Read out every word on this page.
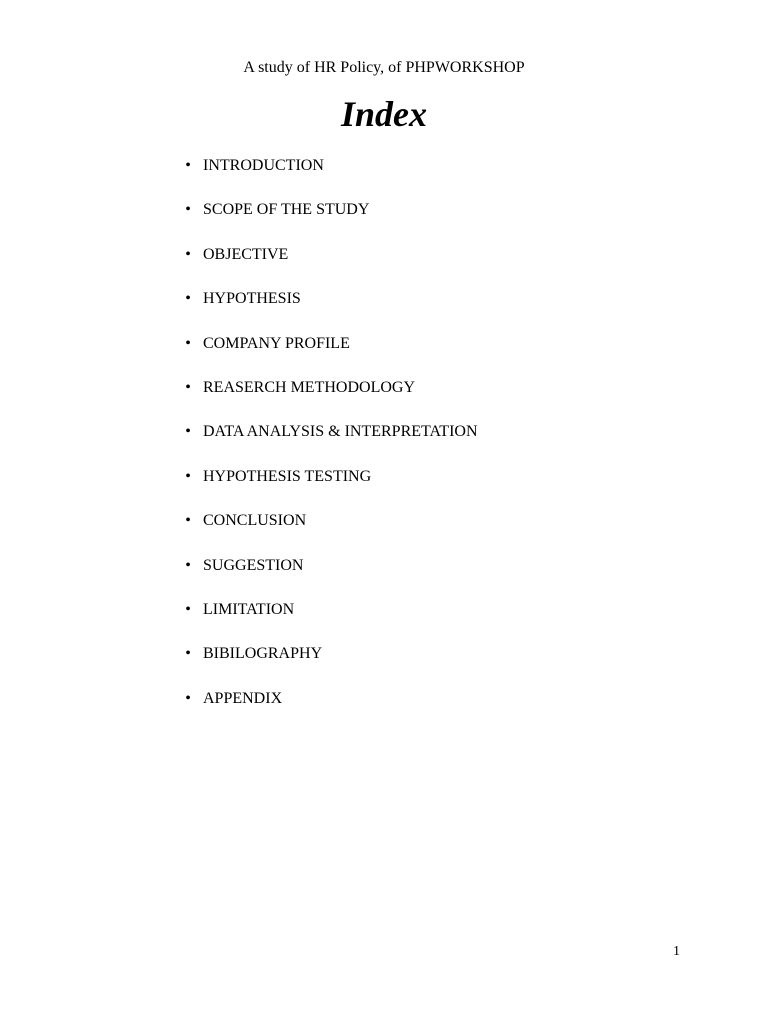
A study of HR Policy, of PHPWORKSHOP
Index
• INTRODUCTION
• SCOPE OF THE STUDY
• OBJECTIVE
• HYPOTHESIS
• COMPANY PROFILE
• REASERCH METHODOLOGY
• DATA ANALYSIS & INTERPRETATION
• HYPOTHESIS TESTING
• CONCLUSION
• SUGGESTION
• LIMITATION
• BIBILOGRAPHY
• APPENDIX
1
